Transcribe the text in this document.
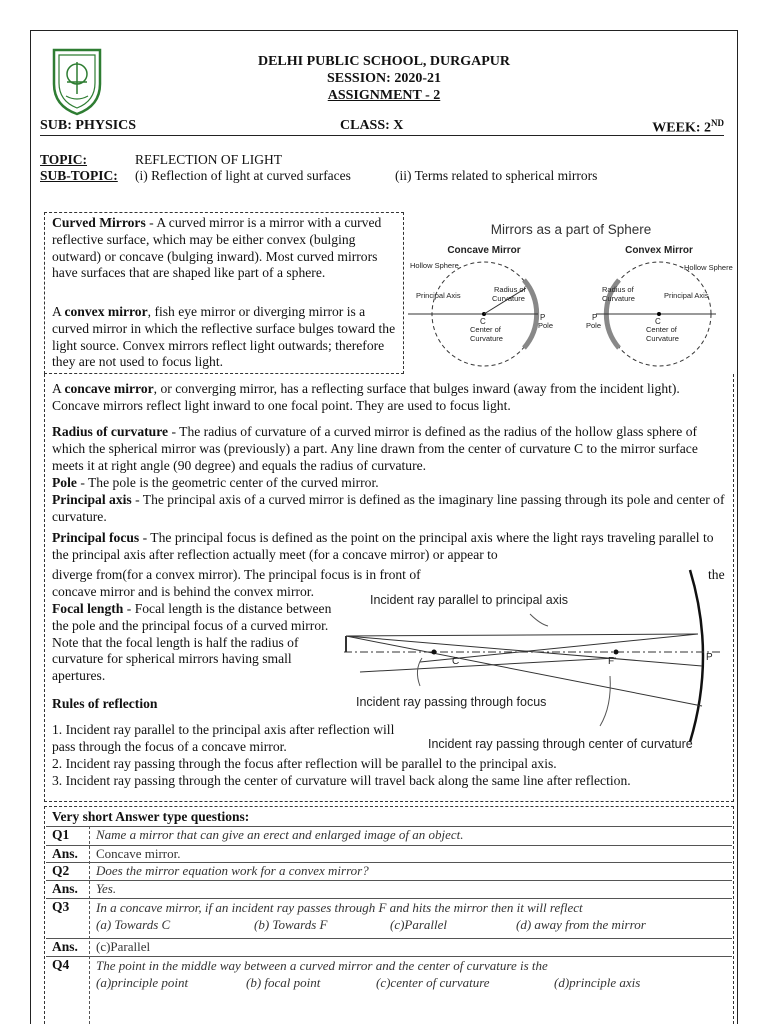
DELHI PUBLIC SCHOOL, DURGAPUR
SESSION: 2020-21
ASSIGNMENT - 2
SUB: PHYSICS	CLASS: X	WEEK: 2ND
TOPIC:	REFLECTION OF LIGHT
SUB-TOPIC: (i) Reflection of light at curved surfaces	(ii) Terms related to spherical mirrors
Mirrors as a part of Sphere
Concave Mirror	Convex Mirror
Hollow Sphere
Principal Axis
Radius of
Curvature
C
Center of
Curvature
P
Pole
Hollow Sphere
Principal Axis
Radius of
Curvature
C
Center of
Curvature
P
Pole
Curved Mirrors - A curved mirror is a mirror with a curved reflective surface, which may be either convex (bulging outward) or concave (bulging inward). Most curved mirrors have surfaces that are shaped like part of a sphere.
A convex mirror, fish eye mirror or diverging mirror is a curved mirror in which the reflective surface bulges toward the light source. Convex mirrors reflect light outwards; therefore they are not used to focus light.
A concave mirror, or converging mirror, has a reflecting surface that bulges inward (away from the incident light). Concave mirrors reflect light inward to one focal point. They are used to focus light.
Radius of curvature - The radius of curvature of a curved mirror is defined as the radius of the hollow glass sphere of which the spherical mirror was (previously) a part. Any line drawn from the center of curvature C to the mirror surface meets it at right angle (90 degree) and equals the radius of curvature.
Pole - The pole is the geometric center of the curved mirror.
Principal axis - The principal axis of a curved mirror is defined as the imaginary line passing through its pole and center of curvature.
Principal focus - The principal focus is defined as the point on the principal axis where the light rays traveling parallel to the principal axis after reflection actually meet (for a concave mirror) or appear to
diverge from(for a convex mirror). The principal focus is in front of	the
concave mirror and is behind the convex mirror.
Focal length - Focal length is the distance between the pole and the principal focus of a curved mirror. Note that the focal length is half the radius of curvature for spherical mirrors having small apertures.
Rules of reflection
1. Incident ray parallel to the principal axis after reflection will pass through the focus of a concave mirror.
2. Incident ray passing through the focus after reflection will be parallel to the principal axis.
3. Incident ray passing through the center of curvature will travel back along the same line after reflection.
Incident ray parallel to principal axis
Incident ray passing through focus
Incident ray passing through center of curvature
C	F	P
Very short Answer type questions:
Q1 Name a mirror that can give an erect and enlarged image of an object.
Ans. Concave mirror.
Q2 Does the mirror equation work for a convex mirror?
Ans. Yes.
Q3 In a concave mirror, if an incident ray passes through F and hits the mirror then it will reflect
(a) Towards C	(b) Towards F	(c)Parallel	(d) away from the mirror
Ans. (c)Parallel
Q4 The point in the middle way between a curved mirror and the center of curvature is the
(a)principle point	(b) focal point	(c)center of curvature	(d)principle axis
